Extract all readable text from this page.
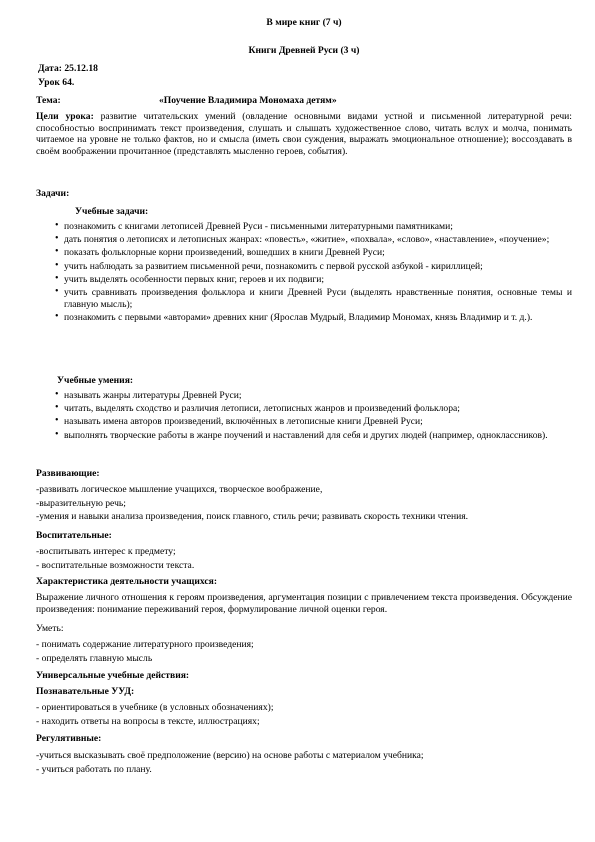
В мире книг (7 ч)
Книги Древней Руси (3 ч)
Дата: 25.12.18
Урок 64.
Тема:	«Поучение Владимира Мономаха детям»
Цели урока: развитие читательских умений (овладение основными видами устной и письменной литературной речи: способностью воспринимать текст произведения, слушать и слышать художественное слово, читать вслух и молча, понимать читаемое на уровне не только фактов, но и смысла (иметь свои суждения, выражать эмоциональное отношение); воссоздавать в своём воображении прочитанное (представлять мысленно героев, события).
Задачи:
Учебные задачи:
• познакомить с книгами летописей Древней Руси - письменными литературными памятниками;
• дать понятия о летописях и летописных жанрах: «повесть», «житие», «похвала», «слово», «наставление», «поучение»;
• показать фольклорные корни произведений, вошедших в книги Древней Руси;
• учить наблюдать за развитием письменной речи, познакомить с первой русской азбукой - кириллицей;
• учить выделять особенности первых книг, героев и их подвиги;
• учить сравнивать произведения фольклора и книги Древней Руси (выделять нравственные понятия, основные темы и главную мысль);
• познакомить с первыми «авторами» древних книг (Ярослав Мудрый, Владимир Мономах, князь Владимир и т. д.).
Учебные умения:
• называть жанры литературы Древней Руси;
• читать, выделять сходство и различия летописи, летописных жанров и произведений фольклора;
• называть имена авторов произведений, включённых в летописные книги Древней Руси;
• выполнять творческие работы в жанре поучений и наставлений для себя и других людей (например, одноклассников).
Развивающие:
-развивать логическое мышление учащихся, творческое воображение,
-выразительную речь;
-умения и навыки анализа произведения, поиск главного, стиль речи; развивать скорость техники чтения.
Воспитательные:
-воспитывать интерес к предмету;
- воспитательные возможности текста.
Характеристика деятельности учащихся:
Выражение личного отношения к героям произведения, аргументация позиции с привлечением текста произведения. Обсуждение произведения: понимание переживаний героя, формулирование личной оценки героя.
Уметь:
- понимать содержание литературного произведения;
- определять главную мысль
Универсальные учебные действия:
Познавательные УУД:
- ориентироваться в учебнике (в условных обозначениях);
- находить ответы на вопросы в тексте, иллюстрациях;
Регулятивные:
-учиться высказывать своё предположение (версию) на основе работы с материалом учебника;
- учиться работать по плану.
